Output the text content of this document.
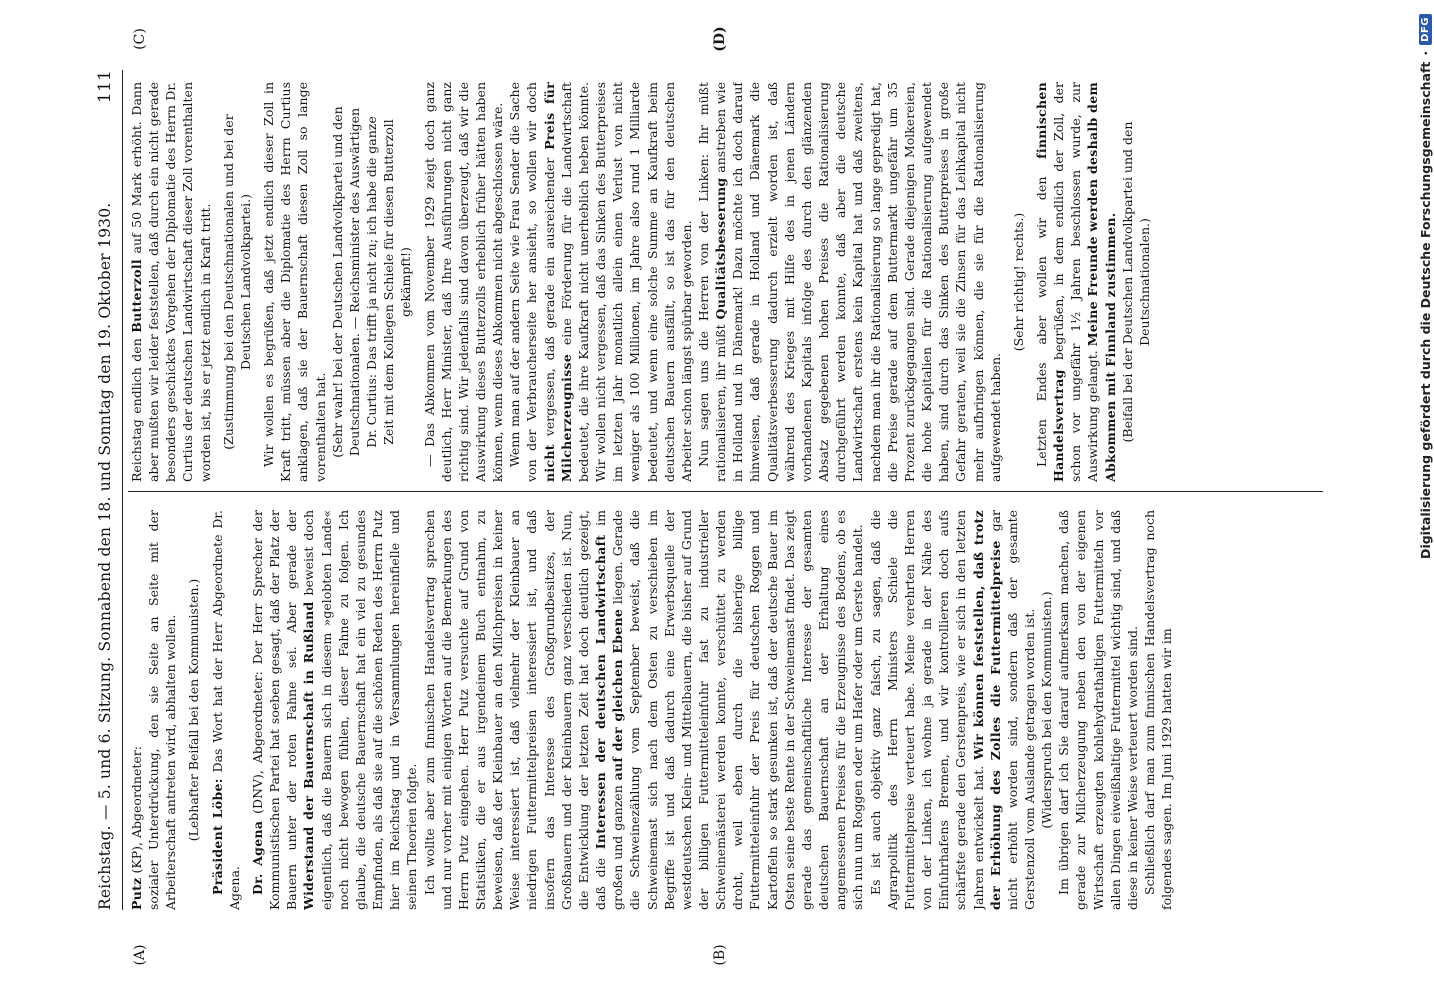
Reichstag. — 5. und 6. Sitzung. Sonnabend den 18. und Sonntag den 19. Oktober 1930.
111
(A)	(B)
(C)	(D)

Putz (KP), Abgeordneter: sozialer Unterdrückung, den sie Seite an Seite mit der Arbeiterschaft antreten wird, abhalten wollen. (Lebhafter Beifall bei den Kommunisten.) Präsident Löbe: Das Wort hat der Herr Abgeordnete Dr. Agena. Dr. Agena (DNV), Abgeordneter: Der Herr Sprecher der Kommunistischen Partei hat soeben gesagt, daß der Platz der Bauern unter der roten Fahne sei. Aber gerade der Widerstand der Bauernschaft in Rußland beweist doch eigentlich, daß die Bauern sich in diesem »gelobten Lande« noch nicht bewogen fühlen, dieser Fahne zu folgen. Ich glaube, die deutsche Bauernschaft hat ein viel zu gesundes Empfinden, als daß sie auf die schönen Reden des Herrn Putz hier im Reichstag und in Versammlungen hereinfielle und seinen Theorien folgte. Ich wollte aber zum finnischen Handelsvertrag sprechen und nur vorher mit einigen Worten auf die Bemerkungen des Herrn Putz eingehen. Herr Putz versuchte auf Grund von Statistiken, die er aus irgendeinem Buch entnahm, zu beweisen, daß der Kleinbauer an den Milchpreisen in keiner Weise interessiert ist, daß vielmehr der Kleinbauer an niedrigen Futtermittelpreisen interessiert ist, und daß insofern das Interesse des Großgrundbesitzes, der Großbauern und der Kleinbauern ganz verschieden ist. Nun, die Entwicklung der letzten Zeit hat doch deutlich gezeigt, daß die Interessen der deutschen Landwirtschaft im großen und ganzen auf der gleichen Ebene liegen. Gerade die Schweinezählung vom September beweist, daß die Schweinemast sich nach dem Osten zu verschieben im Begriffe ist und daß dadurch eine Erwerbsquelle der westdeutschen Klein- und Mittelbauern, die bisher auf Grund der billigen Futtermitteleinfuhr fast zu industrieller Schweinemästerei werden konnte, verschüttet zu werden droht, weil eben durch die bisherige billige Futtermitteleinfuhr der Preis für deutschen Roggen und Kartoffeln so stark gesunken ist, daß der deutsche Bauer im Osten seine beste Rente in der Schweinemast findet. Das zeigt gerade das gemeinschaftliche Interesse der gesamten deutschen Bauernschaft an der Erhaltung eines angemessenen Preises für die Erzeugnisse des Bodens, ob es sich nun um Roggen oder um Hafer oder um Gerste handelt. Es ist auch objektiv ganz falsch, zu sagen, daß die Agrarpolitik des Herrn Ministers Schiele die Futtermittelpreise verteuert habe. Meine verehrten Herren von der Linken, ich wohne ja gerade in der Nähe des Einfuhrhafens Bremen, und wir kontrollieren doch aufs schärfste gerade den Gerstenpreis, wie er sich in den letzten Jahren entwickelt hat. Wir können feststellen, daß trotz der Erhöhung des Zolles die Futtermittelpreise gar nicht erhöht worden sind, sondern daß der gesamte Gerstenzoll vom Auslande getragen worden ist. (Widerspruch bei den Kommunisten.) Im übrigen darf ich Sie darauf aufmerksam machen, daß gerade zur Milcherzeugung neben den von der eigenen Wirtschaft erzeugten kohlehydrathaltigen Futtermitteln vor allen Dingen eiweißhaltige Futtermittel wichtig sind, und daß diese in keiner Weise verteuert worden sind. Schließlich darf man zum finnischen Handelsvertrag noch folgendes sagen. Im Juni 1929 hatten wir im

Reichstag endlich den Butterzoll auf 50 Mark erhöht. Dann aber mußten wir leider feststellen, daß durch ein nicht gerade besonders geschicktes Vorgehen der Diplomatie des Herrn Dr. Curtius der deutschen Landwirtschaft dieser Zoll vorenthalten worden ist, bis er jetzt endlich in Kraft tritt. (Zustimmung bei den Deutschnationalen und bei der Deutschen Landvolkpartei.) Wir wollen es begrüßen, daß jetzt endlich dieser Zoll in Kraft tritt, müssen aber die Diplomatie des Herrn Curtius anklagen, daß sie der Bauernschaft diesen Zoll so lange vorenthalten hat. (Sehr wahr! bei der Deutschen Landvolkpartei und den Deutschnationalen. — Reichsminister des Auswärtigen Dr. Curtius: Das trifft ja nicht zu; ich habe die ganze Zeit mit dem Kollegen Schiele für diesen Butterzoll gekämpft!) — Das Abkommen vom November 1929 zeigt doch ganz deutlich, Herr Minister, daß Ihre Ausführungen nicht ganz richtig sind. Wir jedenfalls sind davon überzeugt, daß wir die Auswirkung dieses Butterzolls erheblich früher hätten haben können, wenn dieses Abkommen nicht abgeschlossen wäre. Wenn man auf der andern Seite wie Frau Sender die Sache von der Verbraucherseite her ansieht, so wollen wir doch nicht vergessen, daß gerade ein ausreichender Preis für Milcherzeugnisse eine Förderung für die Landwirtschaft bedeutet, die ihre Kaufkraft nicht unerheblich heben könnte. Wir wollen nicht vergessen, daß das Sinken des Butterpreises im letzten Jahr monatlich allein einen Verlust von nicht weniger als 100 Millionen, im Jahre also rund 1 Milliarde bedeutet, und wenn eine solche Summe an Kaufkraft beim deutschen Bauern ausfällt, so ist das für den deutschen Arbeiter schon längst spürbar geworden. Nun sagen uns die Herren von der Linken: Ihr müßt rationalisieren, ihr müßt Qualitätsbesserung anstreben wie in Holland und in Dänemark! Dazu möchte ich doch darauf hinweisen, daß gerade in Holland und Dänemark die Qualitätsverbesserung dadurch erzielt worden ist, daß während des Krieges mit Hilfe des in jenen Ländern vorhandenen Kapitals infolge des durch den glänzenden Absatz gegebenen hohen Preises die Rationalisierung durchgeführt werden konnte, daß aber die deutsche Landwirtschaft erstens kein Kapital hat und daß zweitens, nachdem man ihr die Rationalisierung so lange gepredigt hat, die Preise gerade auf dem Buttermarkt ungefähr um 35 Prozent zurückgegangen sind. Gerade diejenigen Molkereien, die hohe Kapitalien für die Rationalisierung aufgewendet haben, sind durch das Sinken des Butterpreises in große Gefahr geraten, weil sie die Zinsen für das Leihkapital nicht mehr aufbringen können, die sie für die Rationalisierung aufgewendet haben.

(Sehr richtig! rechts.) Letzten Endes aber wollen wir den finnischen Handelsvertrag begrüßen, in dem endlich der Zoll, der schon vor ungefähr 1½ Jahren beschlossen wurde, zur Auswirkung gelangt. Meine Freunde werden deshalb dem Abkommen mit Finnland zustimmen. (Beifall bei der Deutschen Landvolkpartei und den Deutschnationalen.)	Digitalisierung gefördert durch die Deutsche Forschungsgemeinschaft
·
DFG
